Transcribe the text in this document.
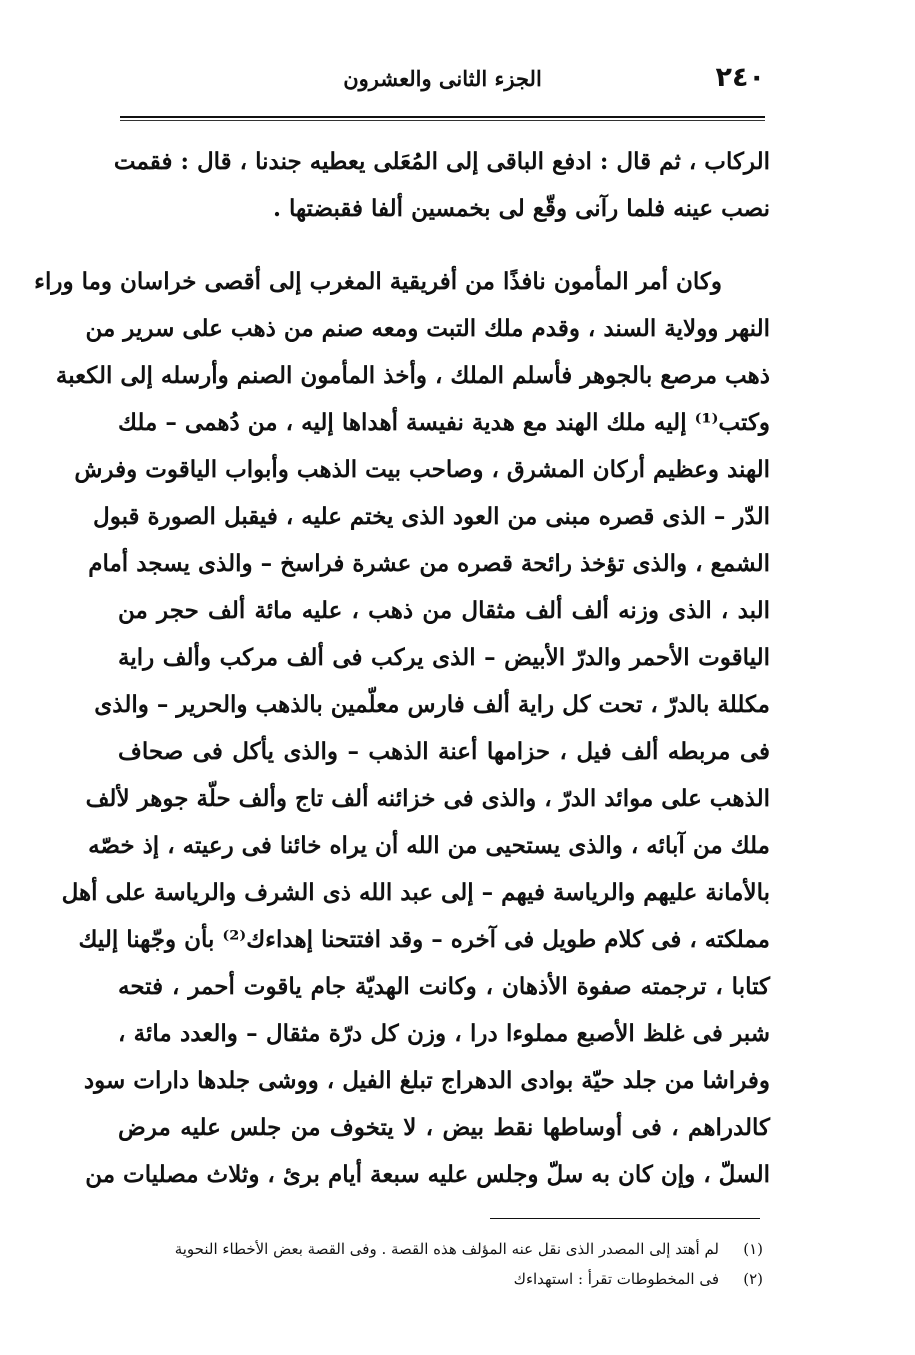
٢٤٠
الجزء الثانى والعشرون
الركاب ، ثم قال : ادفع الباقى إلى المُعَلى يعطيه جندنا ، قال : فقمت
نصب عينه فلما رآنى وقّع لى بخمسين ألفا فقبضتها .
وكان أمر المأمون نافذًا من أفريقية المغرب إلى أقصى خراسان وما وراء
النهر وولاية السند ، وقدم ملك التبت ومعه صنم من ذهب على سرير من
ذهب مرصع بالجوهر فأسلم الملك ، وأخذ المأمون الصنم وأرسله إلى الكعبة
وكتب⁽¹⁾ إليه ملك الهند مع هدية نفيسة أهداها إليه ، من دُهمى – ملك
الهند وعظيم أركان المشرق ، وصاحب بيت الذهب وأبواب الياقوت وفرش
الدّر – الذى قصره مبنى من العود الذى يختم عليه ، فيقبل الصورة قبول
الشمع ، والذى تؤخذ رائحة قصره من عشرة فراسخ – والذى يسجد أمام
البد ، الذى وزنه ألف ألف مثقال من ذهب ، عليه مائة ألف حجر من
الياقوت الأحمر والدرّ الأبيض – الذى يركب فى ألف مركب وألف راية
مكللة بالدرّ ، تحت كل راية ألف فارس معلّمين بالذهب والحرير – والذى
فى مربطه ألف فيل ، حزامها أعنة الذهب – والذى يأكل فى صحاف
الذهب على موائد الدرّ ، والذى فى خزائنه ألف تاج وألف حلّة جوهر لألف
ملك من آبائه ، والذى يستحيى من الله أن يراه خائنا فى رعيته ، إذ خصّه
بالأمانة عليهم والرياسة فيهم – إلى عبد الله ذى الشرف والرياسة على أهل
مملكته ، فى كلام طويل فى آخره – وقد افتتحنا إهداءك⁽²⁾ بأن وجّهنا إليك
كتابا ، ترجمته صفوة الأذهان ، وكانت الهديّة جام ياقوت أحمر ، فتحه
شبر فى غلظ الأصبع مملوءا درا ، وزن كل درّة مثقال – والعدد مائة ،
وفراشا من جلد حيّة بوادى الدهراج تبلغ الفيل ، ووشى جلدها دارات سود
كالدراهم ، فى أوساطها نقط بيض ، لا يتخوف من جلس عليه مرض
السلّ ، وإن كان به سلّ وجلس عليه سبعة أيام برئ ، وثلاث مصليات من
(١)
لم أهتد إلى المصدر الذى نقل عنه المؤلف هذه القصة . وفى القصة بعض الأخطاء النحوية
(٢)
فى المخطوطات تقرأ : استهداءك
